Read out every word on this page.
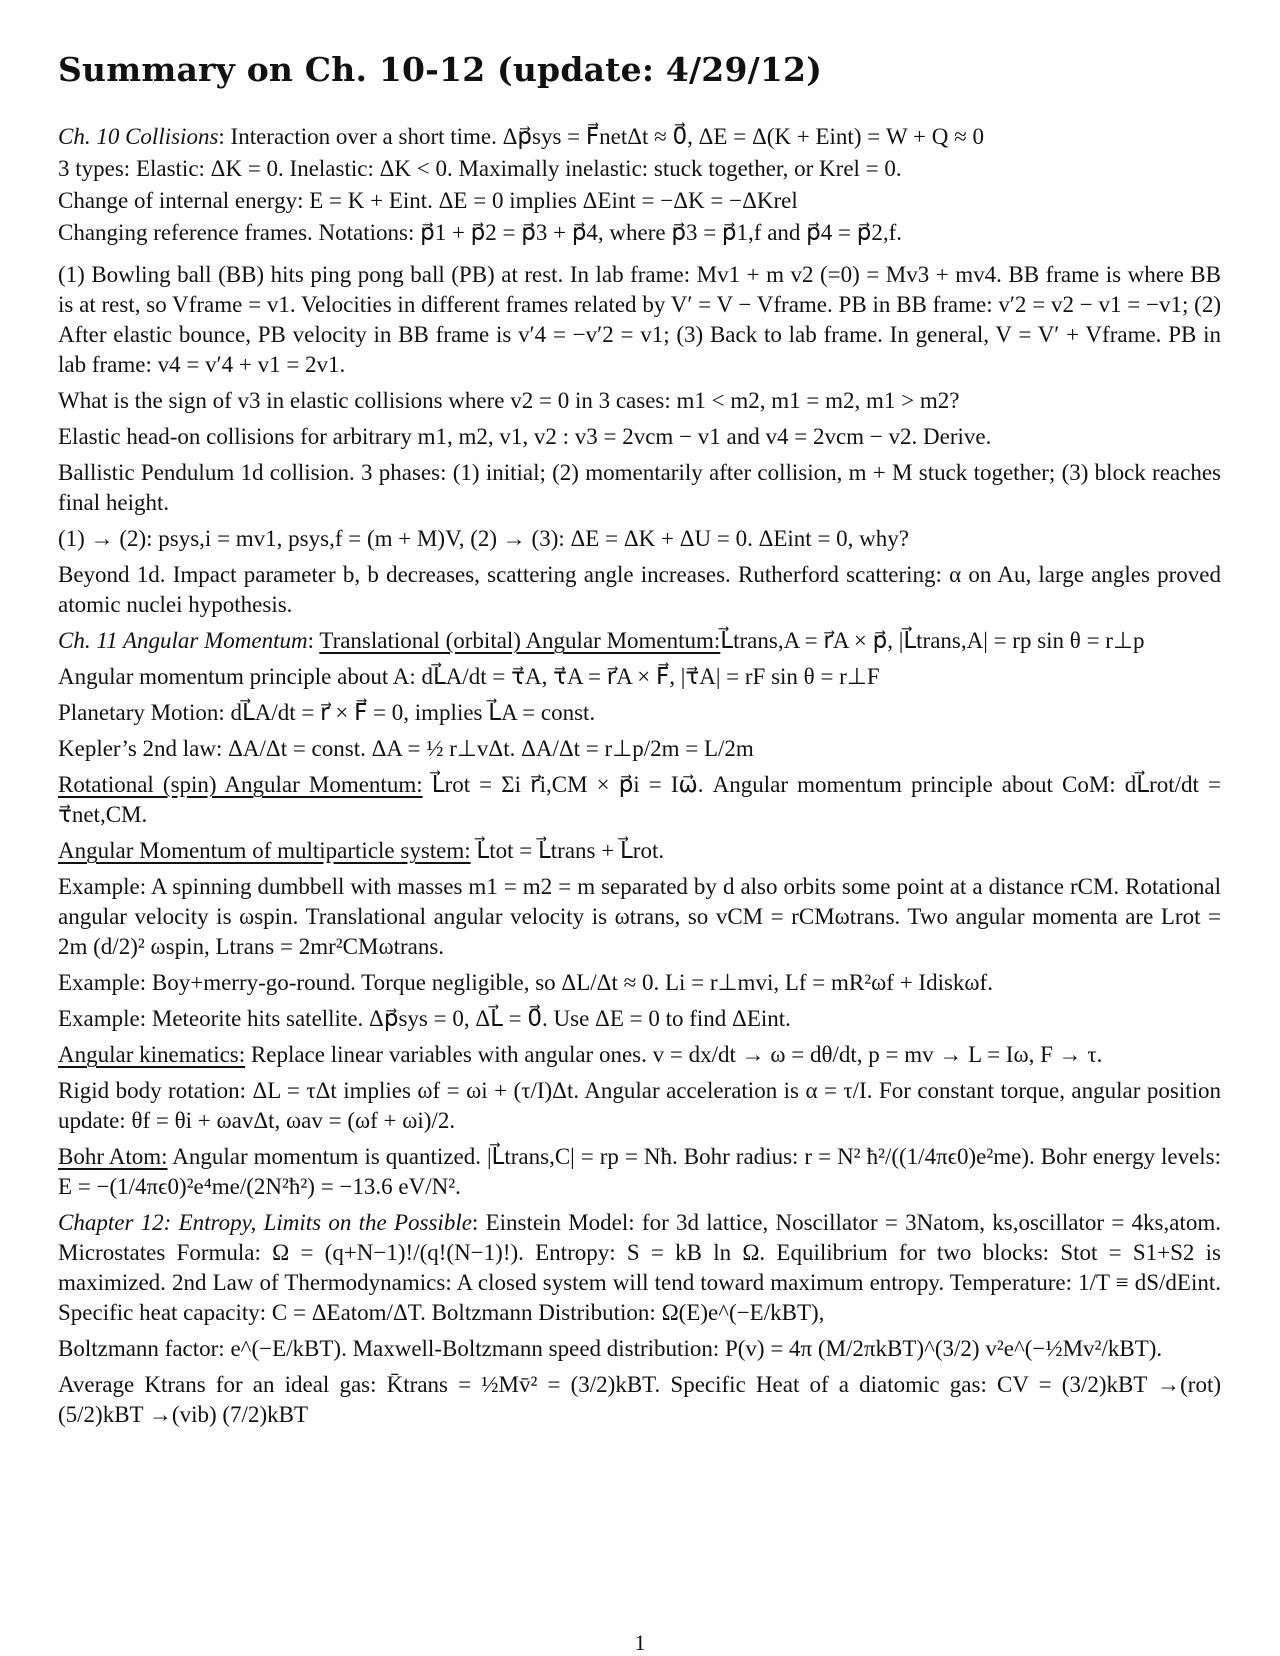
Summary on Ch. 10-12 (update: 4/29/12)

Ch. 10 Collisions: Interaction over a short time. Δp⃗sys = F⃗netΔt ≈ 0⃗, ΔE = Δ(K + Eint) = W + Q ≈ 0

3 types: Elastic: ΔK = 0. Inelastic: ΔK < 0. Maximally inelastic: stuck together, or Krel = 0.

Change of internal energy: E = K + Eint. ΔE = 0 implies ΔEint = −ΔK = −ΔKrel

Changing reference frames. Notations: p⃗1 + p⃗2 = p⃗3 + p⃗4, where p⃗3 = p⃗1,f and p⃗4 = p⃗2,f.

(1) Bowling ball (BB) hits ping pong ball (PB) at rest. In lab frame: Mv1 + m v2 (=0) = Mv3 + mv4. BB frame is where BB is at rest, so Vframe = v1. Velocities in different frames related by V′ = V − Vframe. PB in BB frame: v′2 = v2 − v1 = −v1; (2) After elastic bounce, PB velocity in BB frame is v′4 = −v′2 = v1; (3) Back to lab frame. In general, V = V′ + Vframe. PB in lab frame: v4 = v′4 + v1 = 2v1.

What is the sign of v3 in elastic collisions where v2 = 0 in 3 cases: m1 < m2, m1 = m2, m1 > m2?

Elastic head-on collisions for arbitrary m1, m2, v1, v2 : v3 = 2vcm − v1 and v4 = 2vcm − v2. Derive.

Ballistic Pendulum 1d collision. 3 phases: (1) initial; (2) momentarily after collision, m + M stuck together; (3) block reaches final height.

(1) → (2): psys,i = mv1, psys,f = (m + M)V, (2) → (3): ΔE = ΔK + ΔU = 0. ΔEint = 0, why?

Beyond 1d. Impact parameter b, b decreases, scattering angle increases. Rutherford scattering: α on Au, large angles proved atomic nuclei hypothesis.

Ch. 11 Angular Momentum: Translational (orbital) Angular Momentum:L⃗trans,A = r⃗A × p⃗, |L⃗trans,A| = rp sin θ = r⊥p

Angular momentum principle about A: dL⃗A/dt = τ⃗A, τ⃗A = r⃗A × F⃗, |τ⃗A| = rF sin θ = r⊥F

Planetary Motion: dL⃗A/dt = r⃗ × F⃗ = 0, implies L⃗A = const.

Kepler’s 2nd law: ΔA/Δt = const. ΔA = ½ r⊥vΔt. ΔA/Δt = r⊥p/2m = L/2m

Rotational (spin) Angular Momentum: L⃗rot = Σi r⃗i,CM × p⃗i = Iω⃗. Angular momentum principle about CoM: dL⃗rot/dt = τ⃗net,CM.

Angular Momentum of multiparticle system: L⃗tot = L⃗trans + L⃗rot.

Example: A spinning dumbbell with masses m1 = m2 = m separated by d also orbits some point at a distance rCM. Rotational angular velocity is ωspin. Translational angular velocity is ωtrans, so vCM = rCMωtrans. Two angular momenta are Lrot = 2m (d/2)² ωspin, Ltrans = 2mr²CMωtrans.

Example: Boy+merry-go-round. Torque negligible, so ΔL/Δt ≈ 0. Li = r⊥mvi, Lf = mR²ωf + Idiskωf.

Example: Meteorite hits satellite. Δp⃗sys = 0, ΔL⃗ = 0⃗. Use ΔE = 0 to find ΔEint.

Angular kinematics: Replace linear variables with angular ones. v = dx/dt → ω = dθ/dt, p = mv → L = Iω, F → τ.

Rigid body rotation: ΔL = τΔt implies ωf = ωi + (τ/I)Δt. Angular acceleration is α = τ/I. For constant torque, angular position update: θf = θi + ωavΔt, ωav = (ωf + ωi)/2.

Bohr Atom: Angular momentum is quantized. |L⃗trans,C| = rp = Nħ. Bohr radius: r = N² ħ²/((1/4πϵ0)e²me). Bohr energy levels: E = −(1/4πϵ0)²e⁴me/(2N²ħ²) = −13.6 eV/N².

Chapter 12: Entropy, Limits on the Possible: Einstein Model: for 3d lattice, Noscillator = 3Natom, ks,oscillator = 4ks,atom. Microstates Formula: Ω = (q+N−1)!/(q!(N−1)!). Entropy: S = kB ln Ω. Equilibrium for two blocks: Stot = S1+S2 is maximized. 2nd Law of Thermodynamics: A closed system will tend toward maximum entropy. Temperature: 1/T ≡ dS/dEint. Specific heat capacity: C = ΔEatom/ΔT. Boltzmann Distribution: Ω(E)e^(−E/kBT),

Boltzmann factor: e^(−E/kBT). Maxwell-Boltzmann speed distribution: P(v) = 4π (M/2πkBT)^(3/2) v²e^(−½Mv²/kBT).

Average Ktrans for an ideal gas: K̄trans = ½Mv̄² = (3/2)kBT. Specific Heat of a diatomic gas: CV = (3/2)kBT →(rot) (5/2)kBT →(vib) (7/2)kBT

1
